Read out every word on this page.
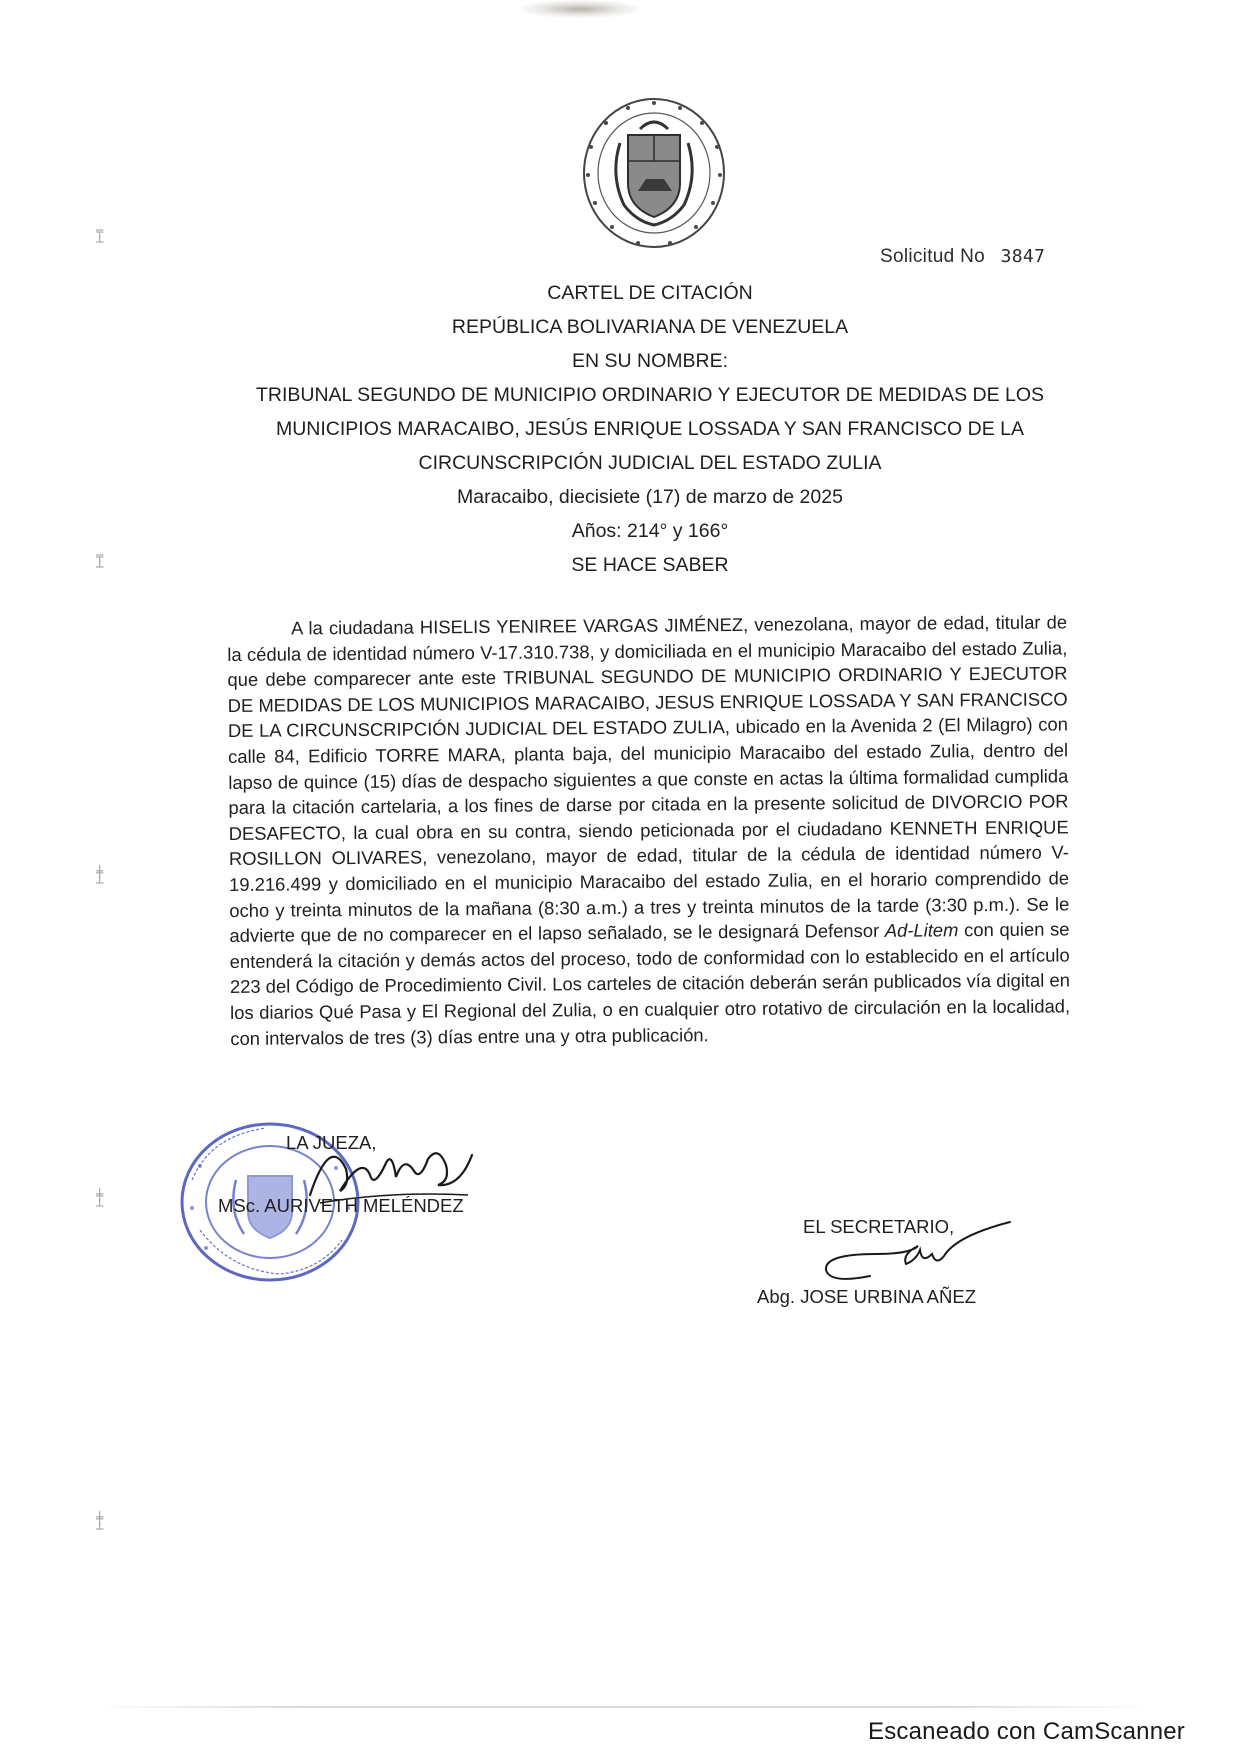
╤
┴
╤
┴
╪
┴
╪
┴
╪
┴
Solicitud No 3847
CARTEL DE CITACIÓN
REPÚBLICA BOLIVARIANA DE VENEZUELA
EN SU NOMBRE:
TRIBUNAL SEGUNDO DE MUNICIPIO ORDINARIO Y EJECUTOR DE MEDIDAS DE LOS
MUNICIPIOS MARACAIBO, JESÚS ENRIQUE LOSSADA Y SAN FRANCISCO DE LA
CIRCUNSCRIPCIÓN JUDICIAL DEL ESTADO ZULIA
Maracaibo, diecisiete (17) de marzo de 2025
Años: 214° y 166°
SE HACE SABER
A la ciudadana HISELIS YENIREE VARGAS JIMÉNEZ, venezolana, mayor de edad, titular de la cédula de identidad número V-17.310.738, y domiciliada en el municipio Maracaibo del estado Zulia, que debe comparecer ante este TRIBUNAL SEGUNDO DE MUNICIPIO ORDINARIO Y EJECUTOR DE MEDIDAS DE LOS MUNICIPIOS MARACAIBO, JESUS ENRIQUE LOSSADA Y SAN FRANCISCO DE LA CIRCUNSCRIPCIÓN JUDICIAL DEL ESTADO ZULIA, ubicado en la Avenida 2 (El Milagro) con calle 84, Edificio TORRE MARA, planta baja, del municipio Maracaibo del estado Zulia, dentro del lapso de quince (15) días de despacho siguientes a que conste en actas la última formalidad cumplida para la citación cartelaria, a los fines de darse por citada en la presente solicitud de DIVORCIO POR DESAFECTO, la cual obra en su contra, siendo peticionada por el ciudadano KENNETH ENRIQUE ROSILLON OLIVARES, venezolano, mayor de edad, titular de la cédula de identidad número V-19.216.499 y domiciliado en el municipio Maracaibo del estado Zulia, en el horario comprendido de ocho y treinta minutos de la mañana (8:30 a.m.) a tres y treinta minutos de la tarde (3:30 p.m.). Se le advierte que de no comparecer en el lapso señalado, se le designará Defensor Ad-Litem con quien se entenderá la citación y demás actos del proceso, todo de conformidad con lo establecido en el artículo 223 del Código de Procedimiento Civil. Los carteles de citación deberán serán publicados vía digital en los diarios Qué Pasa y El Regional del Zulia, o en cualquier otro rotativo de circulación en la localidad, con intervalos de tres (3) días entre una y otra publicación.
LA JUEZA,
MSc. AURIVETH MELÉNDEZ
EL SECRETARIO,
Abg. JOSE URBINA AÑEZ
Escaneado con CamScanner
